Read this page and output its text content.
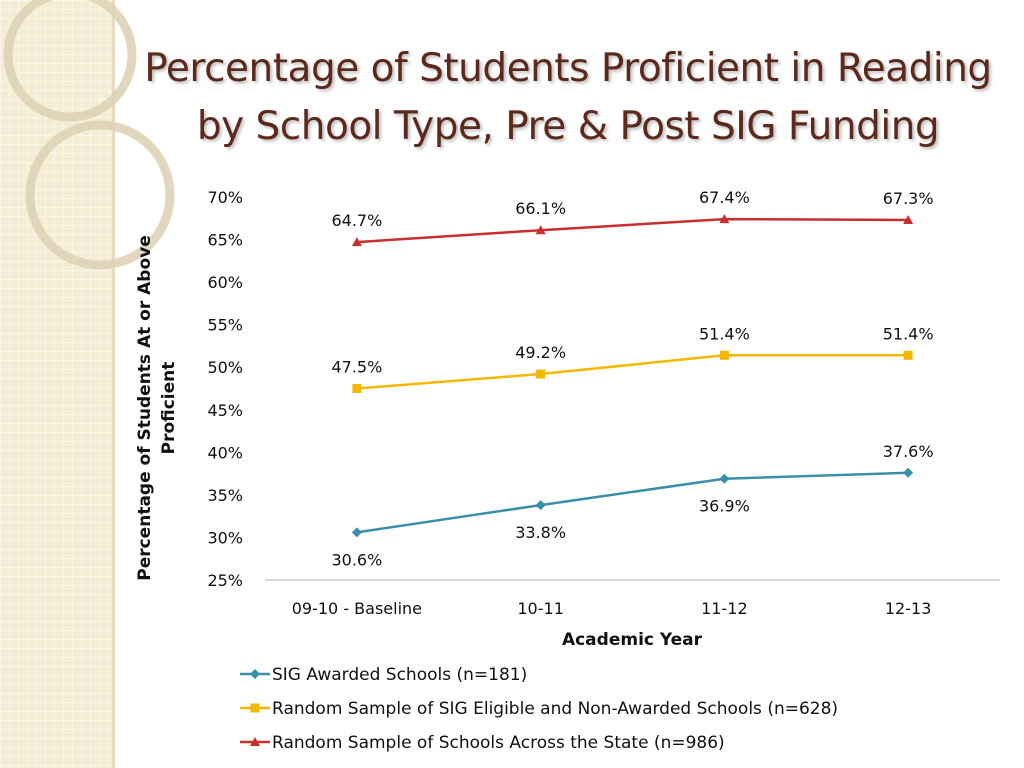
Percentage of Students Proficient in Reading
by School Type, Pre & Post SIG Funding
25%
30%
35%
40%
45%
50%
55%
60%
65%
70%
09-10 - Baseline	10-11	11-12	12-13
30.6%
33.8%
36.9%
37.6%
47.5%
49.2%
51.4%	51.4%
64.7%
66.1%
67.4%	67.3%
Academic Year
Percentage of Students At or Above Proficient
SIG Awarded Schools (n=181)
Random Sample of SIG Eligible and Non-Awarded Schools (n=628)
Random Sample of Schools Across the State (n=986)
